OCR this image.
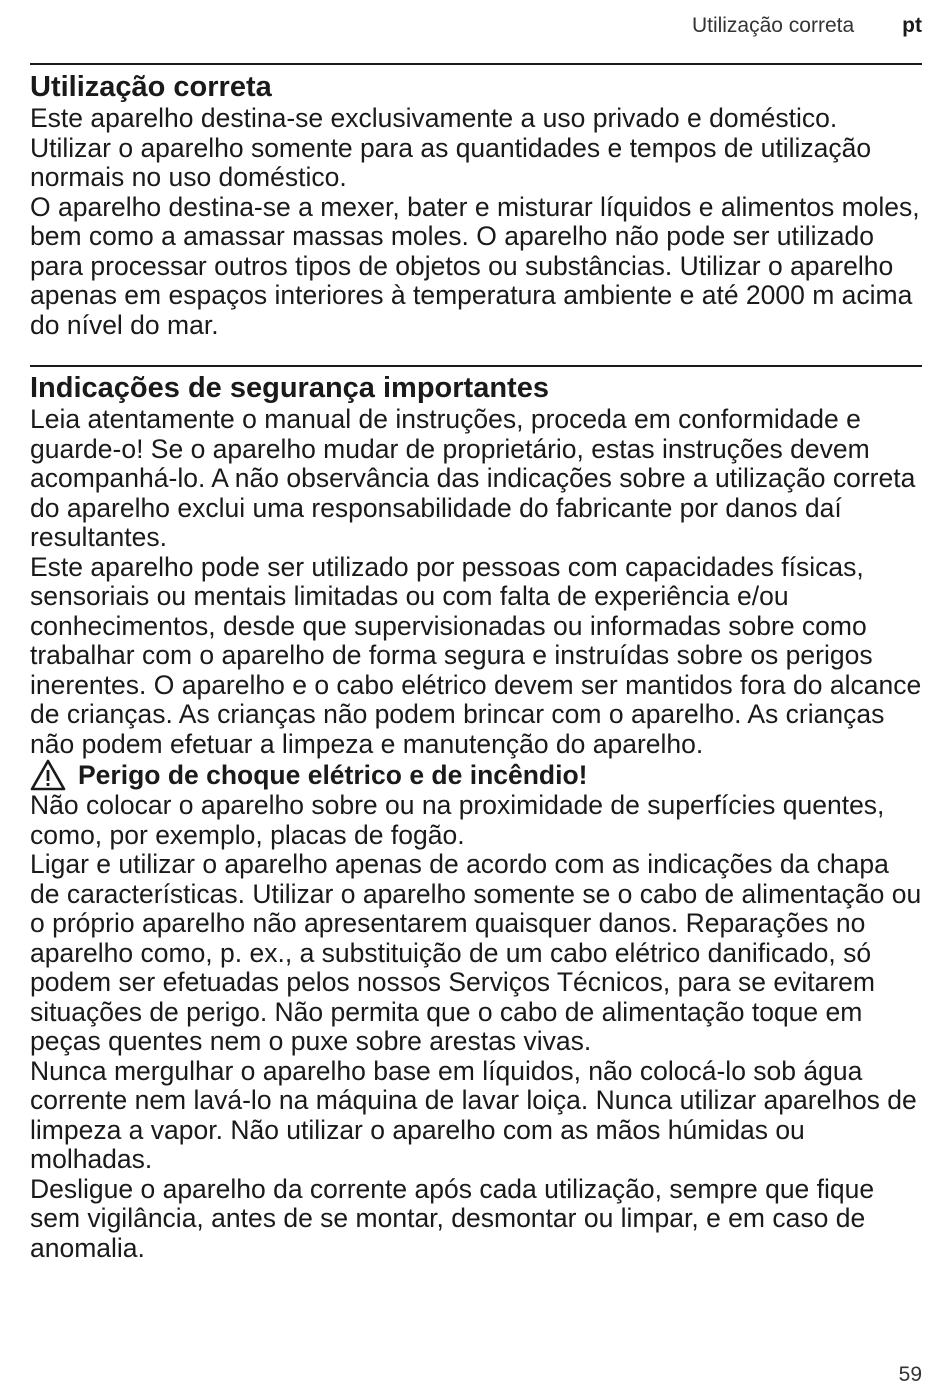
Utilização correta pt
Utilização correta

Este aparelho destina-se exclusivamente a uso privado e doméstico. Utilizar o aparelho somente para as quantidades e tempos de utilização normais no uso doméstico.

O aparelho destina-se a mexer, bater e misturar líquidos e alimentos moles, bem como a amassar massas moles. O aparelho não pode ser utilizado para processar outros tipos de objetos ou substâncias. Utilizar o aparelho apenas em espaços interiores à temperatura ambiente e até 2000 m acima do nível do mar.

Indicações de segurança importantes

Leia atentamente o manual de instruções, proceda em conformidade e guarde-o! Se o aparelho mudar de proprietário, estas instruções devem acompanhá-lo. A não observância das indicações sobre a utilização correta do aparelho exclui uma responsabilidade do fabricante por danos daí resultantes.

Este aparelho pode ser utilizado por pessoas com capacidades físicas, sensoriais ou mentais limitadas ou com falta de experiência e/ou conhecimentos, desde que supervisionadas ou informadas sobre como trabalhar com o aparelho de forma segura e instruídas sobre os perigos inerentes. O aparelho e o cabo elétrico devem ser mantidos fora do alcance de crianças. As crianças não podem brincar com o aparelho. As crianças não podem efetuar a limpeza e manutenção do aparelho.

Perigo de choque elétrico e de incêndio!

Não colocar o aparelho sobre ou na proximidade de superfícies quentes, como, por exemplo, placas de fogão.

Ligar e utilizar o aparelho apenas de acordo com as indicações da chapa de características. Utilizar o aparelho somente se o cabo de alimentação ou o próprio aparelho não apresentarem quaisquer danos. Reparações no aparelho como, p. ex., a substituição de um cabo elétrico danificado, só podem ser efetuadas pelos nossos Serviços Técnicos, para se evitarem situações de perigo. Não permita que o cabo de alimentação toque em peças quentes nem o puxe sobre arestas vivas.

Nunca mergulhar o aparelho base em líquidos, não colocá-lo sob água corrente nem lavá-lo na máquina de lavar loiça. Nunca utilizar aparelhos de limpeza a vapor. Não utilizar o aparelho com as mãos húmidas ou molhadas.

Desligue o aparelho da corrente após cada utilização, sempre que fique sem vigilância, antes de se montar, desmontar ou limpar, e em caso de anomalia.

59
